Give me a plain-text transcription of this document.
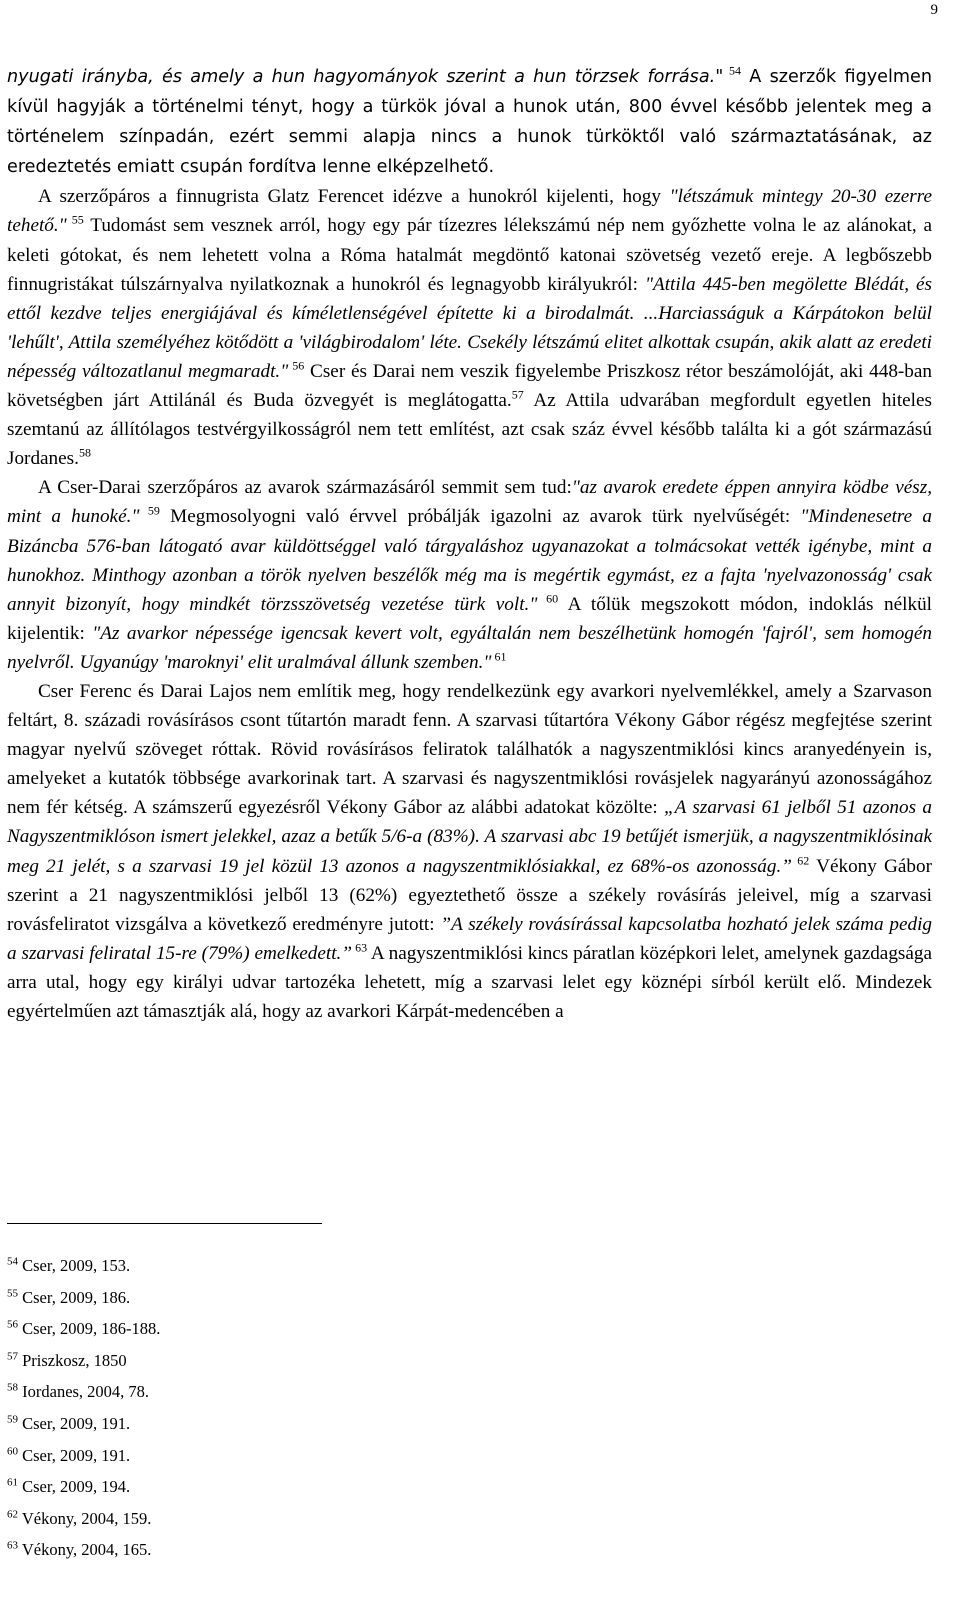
9

nyugati irányba, és amely a hun hagyományok szerint a hun törzsek forrása." $^{54}$ A szerzők figyelmen kívül hagyják a történelmi tényt, hogy a türkök jóval a hunok után, 800 évvel később jelentek meg a történelem színpadán, ezért semmi alapja nincs a hunok türköktől való származtatásának, az eredeztetés emiatt csupán fordítva lenne elképzelhető.

A szerzőpáros a finnugrista Glatz Ferencet idézve a hunokról kijelenti, hogy "létszámuk mintegy 20-30 ezerre tehető." $^{55}$ Tudomást sem vesznek arról, hogy egy pár tízezres lélekszámú nép nem győzhette volna le az alánokat, a keleti gótokat, és nem lehetett volna a Róma hatalmát megdöntő katonai szövetség vezető ereje. A legbőszebb finnugristákat túlszárnyalva nyilatkoznak a hunokról és legnagyobb királyukról: "Attila 445-ben megölette Blédát, és ettől kezdve teljes energiájával és kíméletlenségével építette ki a birodalmát. ...Harciasságuk a Kárpátokon belül 'lehűlt', Attila személyéhez kötődött a 'világbirodalom' léte. Csekély létszámú elitet alkottak csupán, akik alatt az eredeti népesség változatlanul megmaradt." $^{56}$ Cser és Darai nem veszik figyelembe Priszkosz rétor beszámolóját, aki 448-ban követségben járt Attilánál és Buda özvegyét is meglátogatta.$^{57}$ Az Attila udvarában megfordult egyetlen hiteles szemtanú az állítólagos testvérgyilkosságról nem tett említést, azt csak száz évvel később találta ki a gót származású Jordanes.$^{58}$

A Cser-Darai szerzőpáros az avarok származásáról semmit sem tud:"az avarok eredete éppen annyira ködbe vész, mint a hunoké." $^{59}$ Megmosolyogni való érvvel próbálják igazolni az avarok türk nyelvűségét: "Mindenesetre a Bizáncba 576-ban látogató avar küldöttséggel való tárgyaláshoz ugyanazokat a tolmácsokat vették igénybe, mint a hunokhoz. Minthogy azonban a török nyelven beszélők még ma is megértik egymást, ez a fajta 'nyelvazonosság' csak annyit bizonyít, hogy mindkét törzsszövetség vezetése türk volt." $^{60}$ A tőlük megszokott módon, indoklás nélkül kijelentik: "Az avarkor népessége igencsak kevert volt, egyáltalán nem beszélhetünk homogén 'fajról', sem homogén nyelvről. Ugyanúgy 'maroknyi' elit uralmával állunk szemben." $^{61}$

Cser Ferenc és Darai Lajos nem említik meg, hogy rendelkezünk egy avarkori nyelvemlékkel, amely a Szarvason feltárt, 8. századi rovásírásos csont tűtartón maradt fenn. A szarvasi tűtartóra Vékony Gábor régész megfejtése szerint magyar nyelvű szöveget róttak. Rövid rovásírásos feliratok találhatók a nagyszentmiklósi kincs aranyedényein is, amelyeket a kutatók többsége avarkorinak tart. A szarvasi és nagyszentmiklósi rovásjelek nagyarányú azonosságához nem fér kétség. A számszerű egyezésről Vékony Gábor az alábbi adatokat közölte: „A szarvasi 61 jelből 51 azonos a Nagyszentmiklóson ismert jelekkel, azaz a betűk 5/6-a (83%). A szarvasi abc 19 betűjét ismerjük, a nagyszentmiklósinak meg 21 jelét, s a szarvasi 19 jel közül 13 azonos a nagyszentmiklósiakkal, ez 68%-os azonosság.” $^{62}$ Vékony Gábor szerint a 21 nagyszentmiklósi jelből 13 (62%) egyeztethető össze a székely rovásírás jeleivel, míg a szarvasi rovásfeliratot vizsgálva a következő eredményre jutott: ”A székely rovásírással kapcsolatba hozható jelek száma pedig a szarvasi feliratal 15-re (79%) emelkedett.” $^{63}$ A nagyszentmiklósi kincs páratlan középkori lelet, amelynek gazdagsága arra utal, hogy egy királyi udvar tartozéka lehetett, míg a szarvasi lelet egy köznépi sírból került elő. Mindezek egyértelműen azt támasztják alá, hogy az avarkori Kárpát-medencében a

$^{54}$ Cser, 2009, 153.
$^{55}$ Cser, 2009, 186.
$^{56}$ Cser, 2009, 186-188.
$^{57}$ Priszkosz, 1850
$^{58}$ Iordanes, 2004, 78.
$^{59}$ Cser, 2009, 191.
$^{60}$ Cser, 2009, 191.
$^{61}$ Cser, 2009, 194.
$^{62}$ Vékony, 2004, 159.
$^{63}$ Vékony, 2004, 165.
